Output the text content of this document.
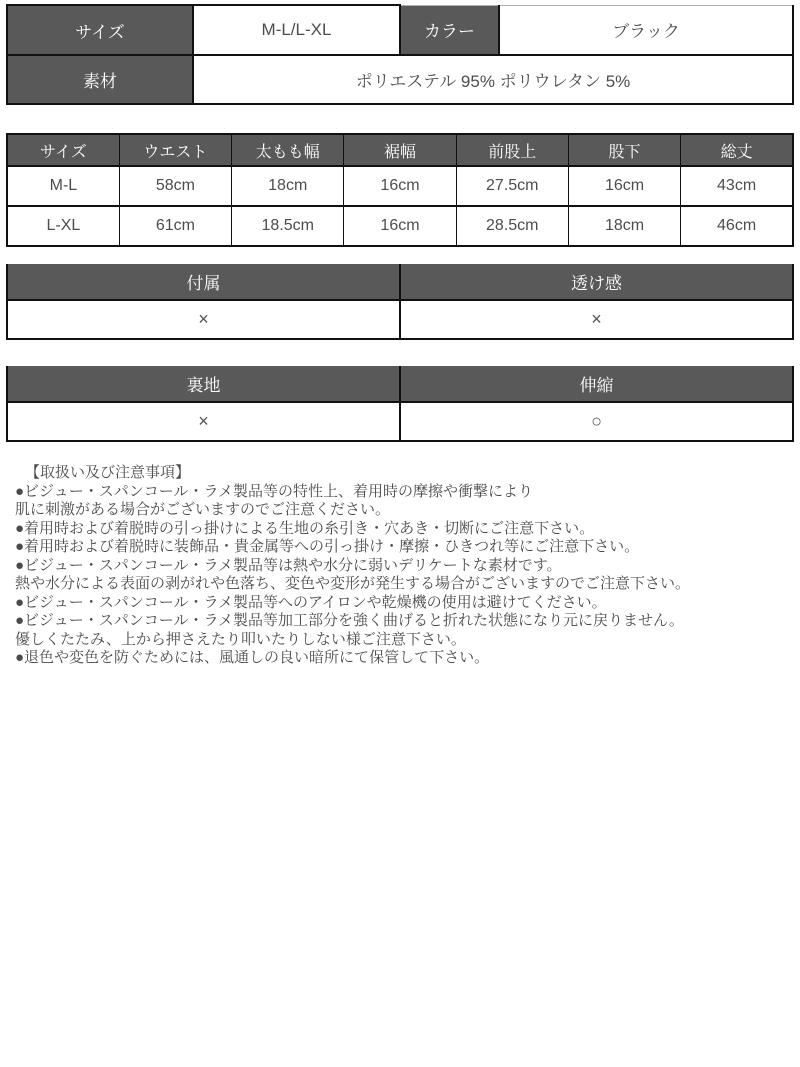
サイズ	M-L/L-XL	カラー	ブラック
素材	ポリエステル 95% ポリウレタン 5%		
サイズ	ウエスト	太もも幅	裾幅	前股上	股下	総丈
M-L	58cm	18cm	16cm	27.5cm	16cm	43cm
L-XL	61cm	18.5cm	16cm	28.5cm	18cm	46cm
付属	透け感
×	×
裏地	伸縮
×	○
【取扱い及び注意事項】
●ビジュー・スパンコール・ラメ製品等の特性上、着用時の摩擦や衝撃により
肌に刺激がある場合がございますのでご注意ください。
●着用時および着脱時の引っ掛けによる生地の糸引き・穴あき・切断にご注意下さい。
●着用時および着脱時に装飾品・貴金属等への引っ掛け・摩擦・ひきつれ等にご注意下さい。
●ビジュー・スパンコール・ラメ製品等は熱や水分に弱いデリケートな素材です。
熱や水分による表面の剥がれや色落ち、変色や変形が発生する場合がございますのでご注意下さい。
●ビジュー・スパンコール・ラメ製品等へのアイロンや乾燥機の使用は避けてください。
●ビジュー・スパンコール・ラメ製品等加工部分を強く曲げると折れた状態になり元に戻りません。
優しくたたみ、上から押さえたり叩いたりしない様ご注意下さい。
●退色や変色を防ぐためには、風通しの良い暗所にて保管して下さい。
